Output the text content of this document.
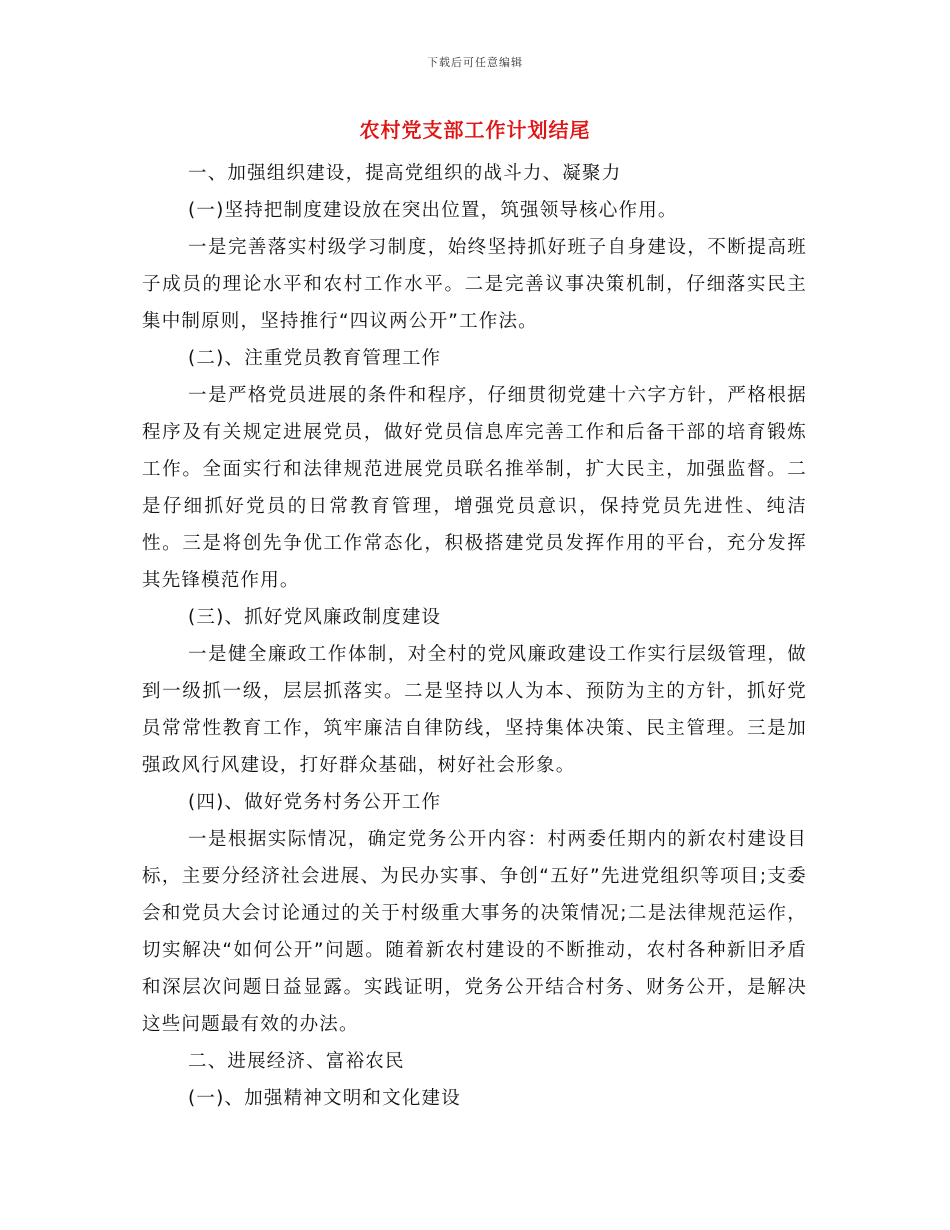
下载后可任意编辑
农村党支部工作计划结尾

一、加强组织建设，提高党组织的战斗力、凝聚力

(一)坚持把制度建设放在突出位置，筑强领导核心作用。

一是完善落实村级学习制度，始终坚持抓好班子自身建设，不断提高班子成员的理论水平和农村工作水平。二是完善议事决策机制，仔细落实民主集中制原则，坚持推行“四议两公开”工作法。

(二)、注重党员教育管理工作

一是严格党员进展的条件和程序，仔细贯彻党建十六字方针，严格根据程序及有关规定进展党员，做好党员信息库完善工作和后备干部的培育锻炼工作。全面实行和法律规范进展党员联名推举制，扩大民主，加强监督。二是仔细抓好党员的日常教育管理，增强党员意识，保持党员先进性、纯洁性。三是将创先争优工作常态化，积极搭建党员发挥作用的平台，充分发挥其先锋模范作用。

(三)、抓好党风廉政制度建设

一是健全廉政工作体制，对全村的党风廉政建设工作实行层级管理，做到一级抓一级，层层抓落实。二是坚持以人为本、预防为主的方针，抓好党员常常性教育工作，筑牢廉洁自律防线，坚持集体决策、民主管理。三是加强政风行风建设，打好群众基础，树好社会形象。

(四)、做好党务村务公开工作

一是根据实际情况，确定党务公开内容：村两委任期内的新农村建设目标，主要分经济社会进展、为民办实事、争创“五好”先进党组织等项目;支委会和党员大会讨论通过的关于村级重大事务的决策情况;二是法律规范运作，切实解决“如何公开”问题。随着新农村建设的不断推动，农村各种新旧矛盾和深层次问题日益显露。实践证明，党务公开结合村务、财务公开，是解决这些问题最有效的办法。

二、进展经济、富裕农民

(一)、加强精神文明和文化建设
